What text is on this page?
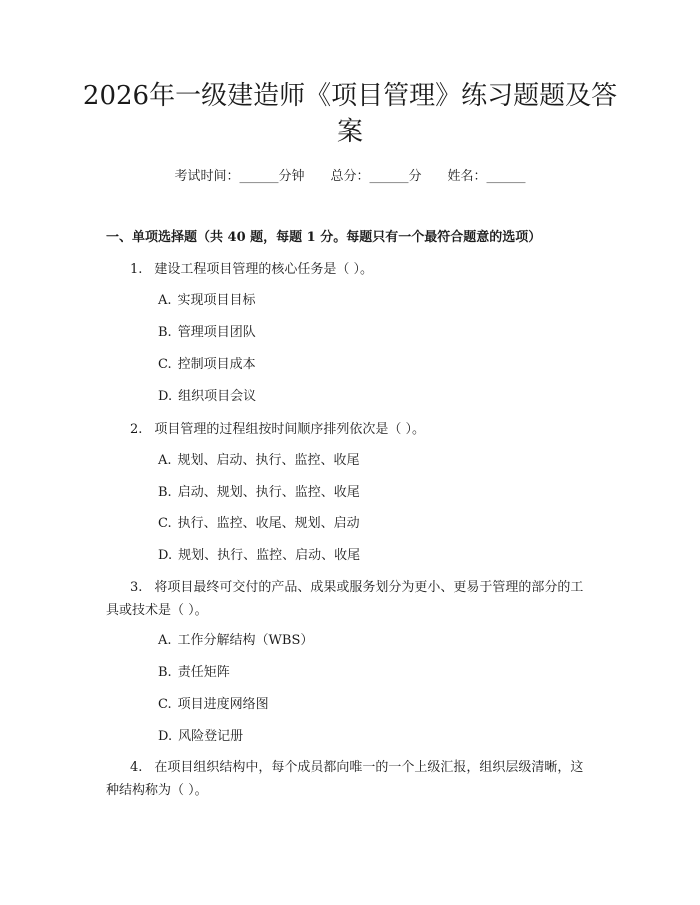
2026年一级建造师《项目管理》练习题题及答案
考试时间：______分钟　　总分：______分　　姓名：______
一、单项选择题（共 40 题，每题 1 分。每题只有一个最符合题意的选项）
1. 建设工程项目管理的核心任务是（ ）。
A. 实现项目目标
B. 管理项目团队
C. 控制项目成本
D. 组织项目会议
2. 项目管理的过程组按时间顺序排列依次是（ ）。
A. 规划、启动、执行、监控、收尾
B. 启动、规划、执行、监控、收尾
C. 执行、监控、收尾、规划、启动
D. 规划、执行、监控、启动、收尾
3. 将项目最终可交付的产品、成果或服务划分为更小、更易于管理的部分的工具或技术是（ ）。
A. 工作分解结构（WBS）
B. 责任矩阵
C. 项目进度网络图
D. 风险登记册
4. 在项目组织结构中，每个成员都向唯一的一个上级汇报，组织层级清晰，这种结构称为（ ）。
